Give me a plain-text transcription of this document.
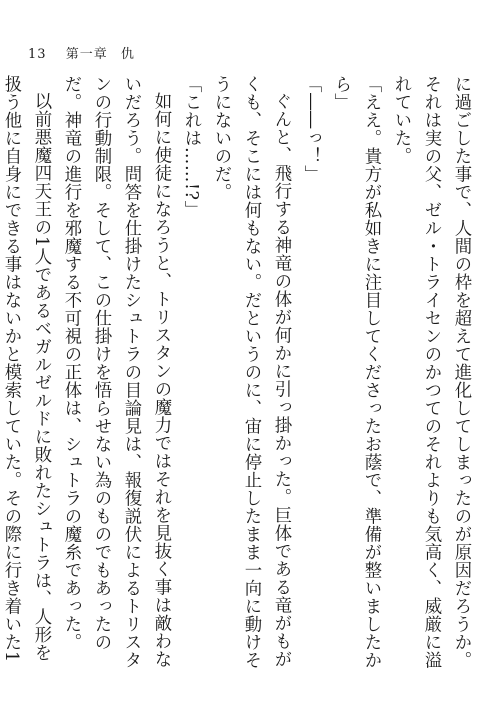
13 第一章 仇

に過ごした事で、人間の枠を超えて進化してしまったのが原因だろうか。それは実の父、ゼル・トライセンのかつてのそれよりも気高く、威厳に溢れていた。

「ええ。貴方が私如きに注目してくださったお蔭で、準備が整いましたから」

「――っ！」

ぐんと、飛行する神竜の体が何かに引っ掛かった。巨体である竜がもがくも、そこには何もない。だというのに、宙に停止したまま一向に動けそうにないのだ。

「これは……!?」

如何に使徒になろうと、トリスタンの魔力ではそれを見抜く事は敵わないだろう。問答を仕掛けたシュトラの目論見は、報復説伏によるトリスタンの行動制限。そして、この仕掛けを悟らせない為のものでもあったのだ。神竜の進行を邪魔する不可視の正体は、シュトラの魔糸であった。

以前悪魔四天王の1人であるベガルゼルドに敗れたシュトラは、人形を扱う他に自身にできる事はないかと模索していた。その際に行き着いた1
